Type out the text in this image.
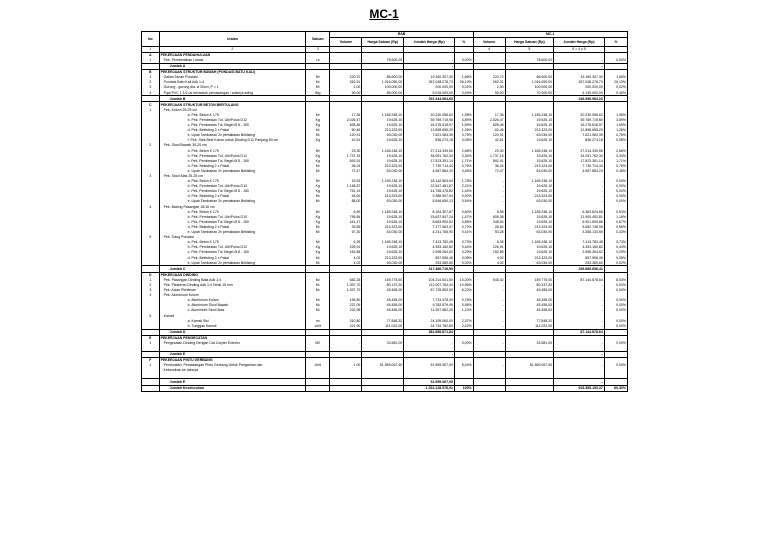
MC-1
No	Uraian	Satuan	RAB				MC-1			
			Volume	Harga Satuan (Rp)	Jumlah Harga (Rp)	%	Volume	Harga Satuan (Rp)	Jumlah Harga (Rp)	%
1	2	3					4	5	6 = 4 x 5	
A	PEKERJAAN PENDAHULUAN									
1	Pek. Pembersihan Lokasi	Ls	-	78.600,00	-	0,00%	-	78.600,00	-	0,00%
	Jumlah A				-				-	
B	PEKERJAAN STRUKTUR BAWAH (PONDASI BATU KALI)									
1	Galian Tanah Pondasi	M³	220,72	86.600,00	19.160.307,30	1,66%	220,72	86.600,00	19.160.307,30	1,66%
2	Pondasi Batu Kali Adk 1:4	M³	262,31	1.016.050,00	267.048.278,73	26,13%	262,31	1.016.050,00	267.048.278,73	26,13%
3	Gorong - gorong dia. ø 30cm, P = 1	M³	2,00	100.000,00	200.000,00	0,02%	2,00	100.000,00	200.000,00	0,02%
4	Pipa PVC 1 1/2 uk terrasbuk pemasangan / waterproofing	Btg	59,00	85.000,00	5.015.000,00	0,49%	59,00	70.000,00	4.130.000,00	0,40%
	Jumlah B				291.444.964,63				246.596.984,03	
C	PEKERJAAN STRUKTUR BETON BERTULANG									
1	Pek. Kolom 25-25 cm									
	a. Pek. Beton K 175	M³	17,36	1.165.248,10	20.230.056,62	1,98%	17,36	1.165.248,10	20.230.056,62	1,98%
	b. Pek. Pembesian Tul. Ulir/Polos D12	Kg	2.026,47	19.625,10	39.769.715,55	3,89%	2.026,47	19.625,10	39.769.715,55	3,89%
	c. Pek. Pembesian Tul. Begel Ø 8 - 150	Kg	828,46	19.625,10	16.278.618,97	1,59%	828,46	19.625,10	16.278.618,97	1,59%
	d. Pek. Bekisting 2 x Pakai	M²	60,46	213.323,00	12.898.655,29	1,26%	60,46	213.323,00	12.898.655,29	1,26%
	e. Upah Tambahan 2x pemakaian Bekisting	M²	120,91	63.030,00	7.621.083,39	0,75%	120,91	63.030,00	7.621.083,39	0,75%
	f. Pek. Stek Besi Kolom untuk Dinding D12 Panjang 50 cm	Kg	42,61	19.625,10	836.274,18	0,08%	42,61	19.625,10	836.274,18	0,08%
2	Pek. Sloof Bawah 30-20 cm									
	a. Pek. Beton K 175	M³	23,30	1.165.248,10	27.214.339,56	2,66%	23,30	1.165.248,10	27.214.339,56	2,66%
	b. Pek. Pembesian Tul. Ulir/Polos D12	Kg	1.737,15	19.625,10	34.091.762,34	3,34%	1.737,15	19.625,10	34.091.762,34	3,34%
	c. Pek. Pembesian Tul. Begel Ø 8 - 150	Kg	892,91	19.625,10	17.523.351,14	1,71%	892,91	19.625,10	17.523.351,14	1,71%
	d. Pek. Bekisting 2 x Pakai	M²	36,24	213.323,00	7.730.714,44	0,76%	36,24	213.323,00	7.730.714,44	0,76%
	e. Upah Tambahan 2x pemakaian Bekisting	M²	72,47	63.030,00	4.567.884,20	0,45%	72,47	63.030,00	4.567.884,20	0,45%
3	Pek. Sloof Atas 25-25 cm									
	a. Pek. Beton K 175	M³	15,53	1.165.248,10	18.142.563,64	1,78%	-	1.165.248,10	-	0,00%
	b. Pek. Pembesian Tul. Ulir/Polos D10	Kg	1.148,87	19.625,10	22.547.481,87	2,21%	-	19.625,10	-	0,00%
	c. Pek. Pembesian Tul. Begel Ø 8 - 150	Kg	751,19	19.625,10	14.755.476,82	1,44%	-	19.625,10	-	0,00%
	d. Pek. Bekisting 2 x Pakai	M²	44,00	213.323,00	9.386.597,54	0,92%	-	213.323,00	-	0,00%
	e. Upah Tambahan 2x pemakaian Bekisting	M²	88,00	63.030,00	5.546.650,13	0,54%	-	63.030,00	-	0,00%
4	Pek. Balong Pasangan 15/15 cm									
	a. Pek. Beton K 175	M³	6,99	1.165.248,10	8.164.307,87	0,80%	5,55	1.165.248,10	6.463.624,68	0,63%
	b. Pek. Pembesian Tul. Ulir/Polos D10	Kg	795,84	19.625,10	15.637.547,24	1,47%	605,38	19.625,10	11.900.452,81	1,16%
	c. Pek. Pembesian Tul. Begel Ø 8 - 150	Kg	441,47	19.625,10	8.663.900,52	0,85%	348,54	19.625,10	6.901.839,86	0,67%
	d. Pek. Bekisting 2 x Pakai	M²	33,65	213.323,00	7.177.963,47	0,70%	26,64	213.323,00	5.682.748,95	0,56%
	e. Upah Tambahan 2x pemakaian Bekisting	M²	67,30	63.030,00	4.241.766,90	0,41%	53,28	63.030,00	3.358.133,55	0,33%
5	Pek. Tiang Pondasi									
	a. Pek. Beton K 175	M³	6,35	1.165.248,10	7.413.782,48	0,73%	6,35	1.165.248,10	7.413.782,48	0,73%
	b. Pek. Pembesian Tul. Ulir/Polos D12	Kg	226,91	19.625,10	4.453.160,82	0,44%	226,91	19.625,10	4.453.160,82	0,44%
	c. Pek. Pembesian Tul. Begel Ø 8 - 150	Kg	152,85	19.625,10	2.998.264,62	0,29%	152,85	19.625,10	2.998.264,62	0,29%
	d. Pek. Bekisting 2 x Pakai	M²	4,02	213.323,00	857.556,46	0,08%	4,02	213.323,00	857.556,46	0,08%
	e. Upah Tambahan 2x pemakaian Bekisting	M²	4,02	63.030,00	253.380,60	0,02%	4,02	63.030,00	253.380,60	0,02%
	Jumlah C				317.460.716,99				236.665.636,41	
D	PEKERJAAN DINDING									
1	Pek. Pasangan Dinding Bata Adk 1:4	M²	682,26	159.775,00	104.214.541,50	10,20%	545,42	159.775,00	87.144.878,64	8,53%
2	Pek. Plesteran Dinding Adk 1:4 Tebal 15 mm	M²	1.397,70	80.137,20	112.007.784,44	10,96%	-	80.137,20	-	0,00%
3	Pek. Acian Plesteran	M²	1.397,70	45.455,00	87.725.553,50	6,22%	-	45.455,00	-	0,00%
4	Pek. Aluminium Kolom									
	a. Aluminium Kolom	M²	159,80	45.455,00	7.733.478,00	0,76%	-	45.455,00	-	0,00%
	b. Aluminium Sloof Bawah	M²	237,09	45.455,00	9.782.579,95	0,96%	-	45.455,00	-	0,00%
	c. Aluminium Sloof Atas	M²	232,95	45.455,00	11.267.582,25	1,10%	-	45.455,00	-	0,00%
5	Kamsil									
	a. Kamsil Sisi	m²	310,80	77.848,32	24.195.060,00	2,37%	-	77.848,32	-	0,00%
	b. Tunggak Kamsil	Unit	221,90	111.022,00	24.734.782,80	2,42%	-	111.022,00	-	0,00%
	Jumlah D				381.656.871,84				87.144.878,64	
E	PEKERJAAN PENGECATAN									
1	Pengecatan Dinding Dengan Cat Colyter Exterior	M2	-	33.581,00	-	0,00%	-	33.581,00	-	0,00%

	Jumlah E				-				-	
F	PEKERJAAN PINTU GERBANG									
1	Pembuatan, Pemasangan Pintu Gerbang Untuk Pengaman dan	Unit	1,00	51.559.067,90	51.559.067,90	5,04%	-	51.559.067,90	-	0,00%
	Kebersihan ke lainnya									

	Jumlah E				51.559.067,90				-	
	Jumlah Keseluruhan				1.022.128.576,91	100%			616.385.193,37	60,30%
